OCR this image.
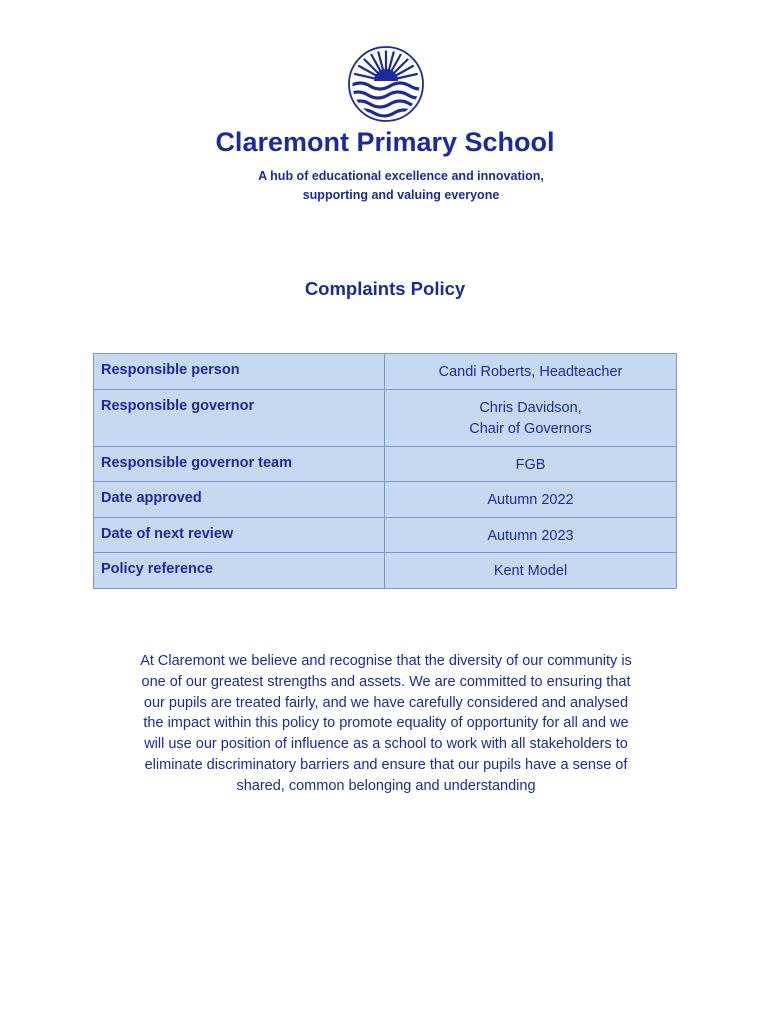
Claremont Primary School
A hub of educational excellence and innovation,
supporting and valuing everyone
Complaints Policy
Responsible person	Candi Roberts, Headteacher

Responsible governor	Chris Davidson,
Chair of Governors

Responsible governor team	FGB

Date approved	Autumn 2022

Date of next review	Autumn 2023

Policy reference	Kent Model
At Claremont we believe and recognise that the diversity of our community is
one of our greatest strengths and assets. We are committed to ensuring that
our pupils are treated fairly, and we have carefully considered and analysed
the impact within this policy to promote equality of opportunity for all and we
will use our position of influence as a school to work with all stakeholders to
eliminate discriminatory barriers and ensure that our pupils have a sense of
shared, common belonging and understanding
